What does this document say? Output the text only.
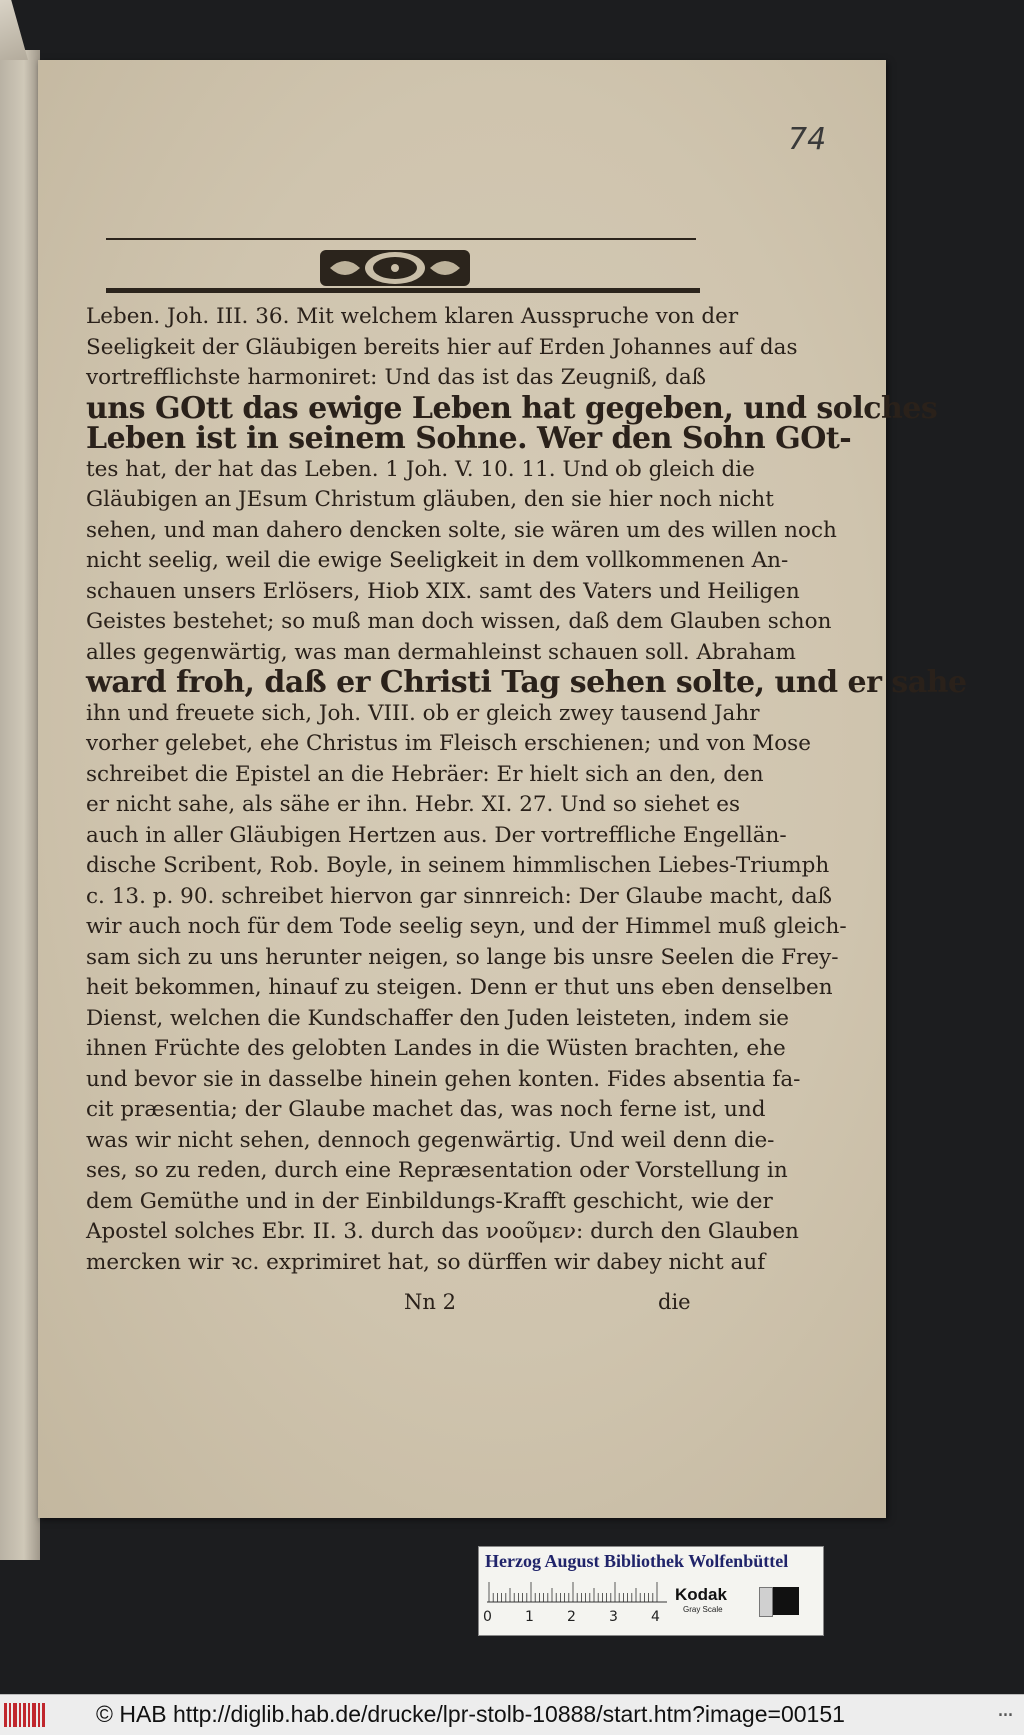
74
Leben. Joh. III. 36. Mit welchem klaren Ausspruche von der
Seeligkeit der Gläubigen bereits hier auf Erden Johannes auf das
vortrefflichste harmoniret: Und das ist das Zeugniß, daß
uns GOtt das ewige Leben hat gegeben, und solches
Leben ist in seinem Sohne. Wer den Sohn GOt-
tes hat, der hat das Leben. 1 Joh. V. 10. 11. Und ob gleich die
Gläubigen an JEsum Christum gläuben, den sie hier noch nicht
sehen, und man dahero dencken solte, sie wären um des willen noch
nicht seelig, weil die ewige Seeligkeit in dem vollkommenen An-
schauen unsers Erlösers, Hiob XIX. samt des Vaters und Heiligen
Geistes bestehet; so muß man doch wissen, daß dem Glauben schon
alles gegenwärtig, was man dermahleinst schauen soll. Abraham
ward froh, daß er Christi Tag sehen solte, und er sahe
ihn und freuete sich, Joh. VIII. ob er gleich zwey tausend Jahr
vorher gelebet, ehe Christus im Fleisch erschienen; und von Mose
schreibet die Epistel an die Hebräer: Er hielt sich an den, den
er nicht sahe, als sähe er ihn. Hebr. XI. 27. Und so siehet es
auch in aller Gläubigen Hertzen aus. Der vortreffliche Engellän-
dische Scribent, Rob. Boyle, in seinem himmlischen Liebes-Triumph
c. 13. p. 90. schreibet hiervon gar sinnreich: Der Glaube macht, daß
wir auch noch für dem Tode seelig seyn, und der Himmel muß gleich-
sam sich zu uns herunter neigen, so lange bis unsre Seelen die Frey-
heit bekommen, hinauf zu steigen. Denn er thut uns eben denselben
Dienst, welchen die Kundschaffer den Juden leisteten, indem sie
ihnen Früchte des gelobten Landes in die Wüsten brachten, ehe
und bevor sie in dasselbe hinein gehen konten. Fides absentia fa-
cit præsentia; der Glaube machet das, was noch ferne ist, und
was wir nicht sehen, dennoch gegenwärtig. Und weil denn die-
ses, so zu reden, durch eine Repræsentation oder Vorstellung in
dem Gemüthe und in der Einbildungs-Krafft geschicht, wie der
Apostel solches Ebr. II. 3. durch das νοοῦμεν: durch den Glauben
mercken wir ꝛc. exprimiret hat, so dürffen wir dabey nicht auf
Nn 2	die
Herzog August Bibliothek Wolfenbüttel
0 1 2 3 4
Kodak
Gray Scale
© HAB http://diglib.hab.de/drucke/lpr-stolb-10888/start.htm?image=00151	...
